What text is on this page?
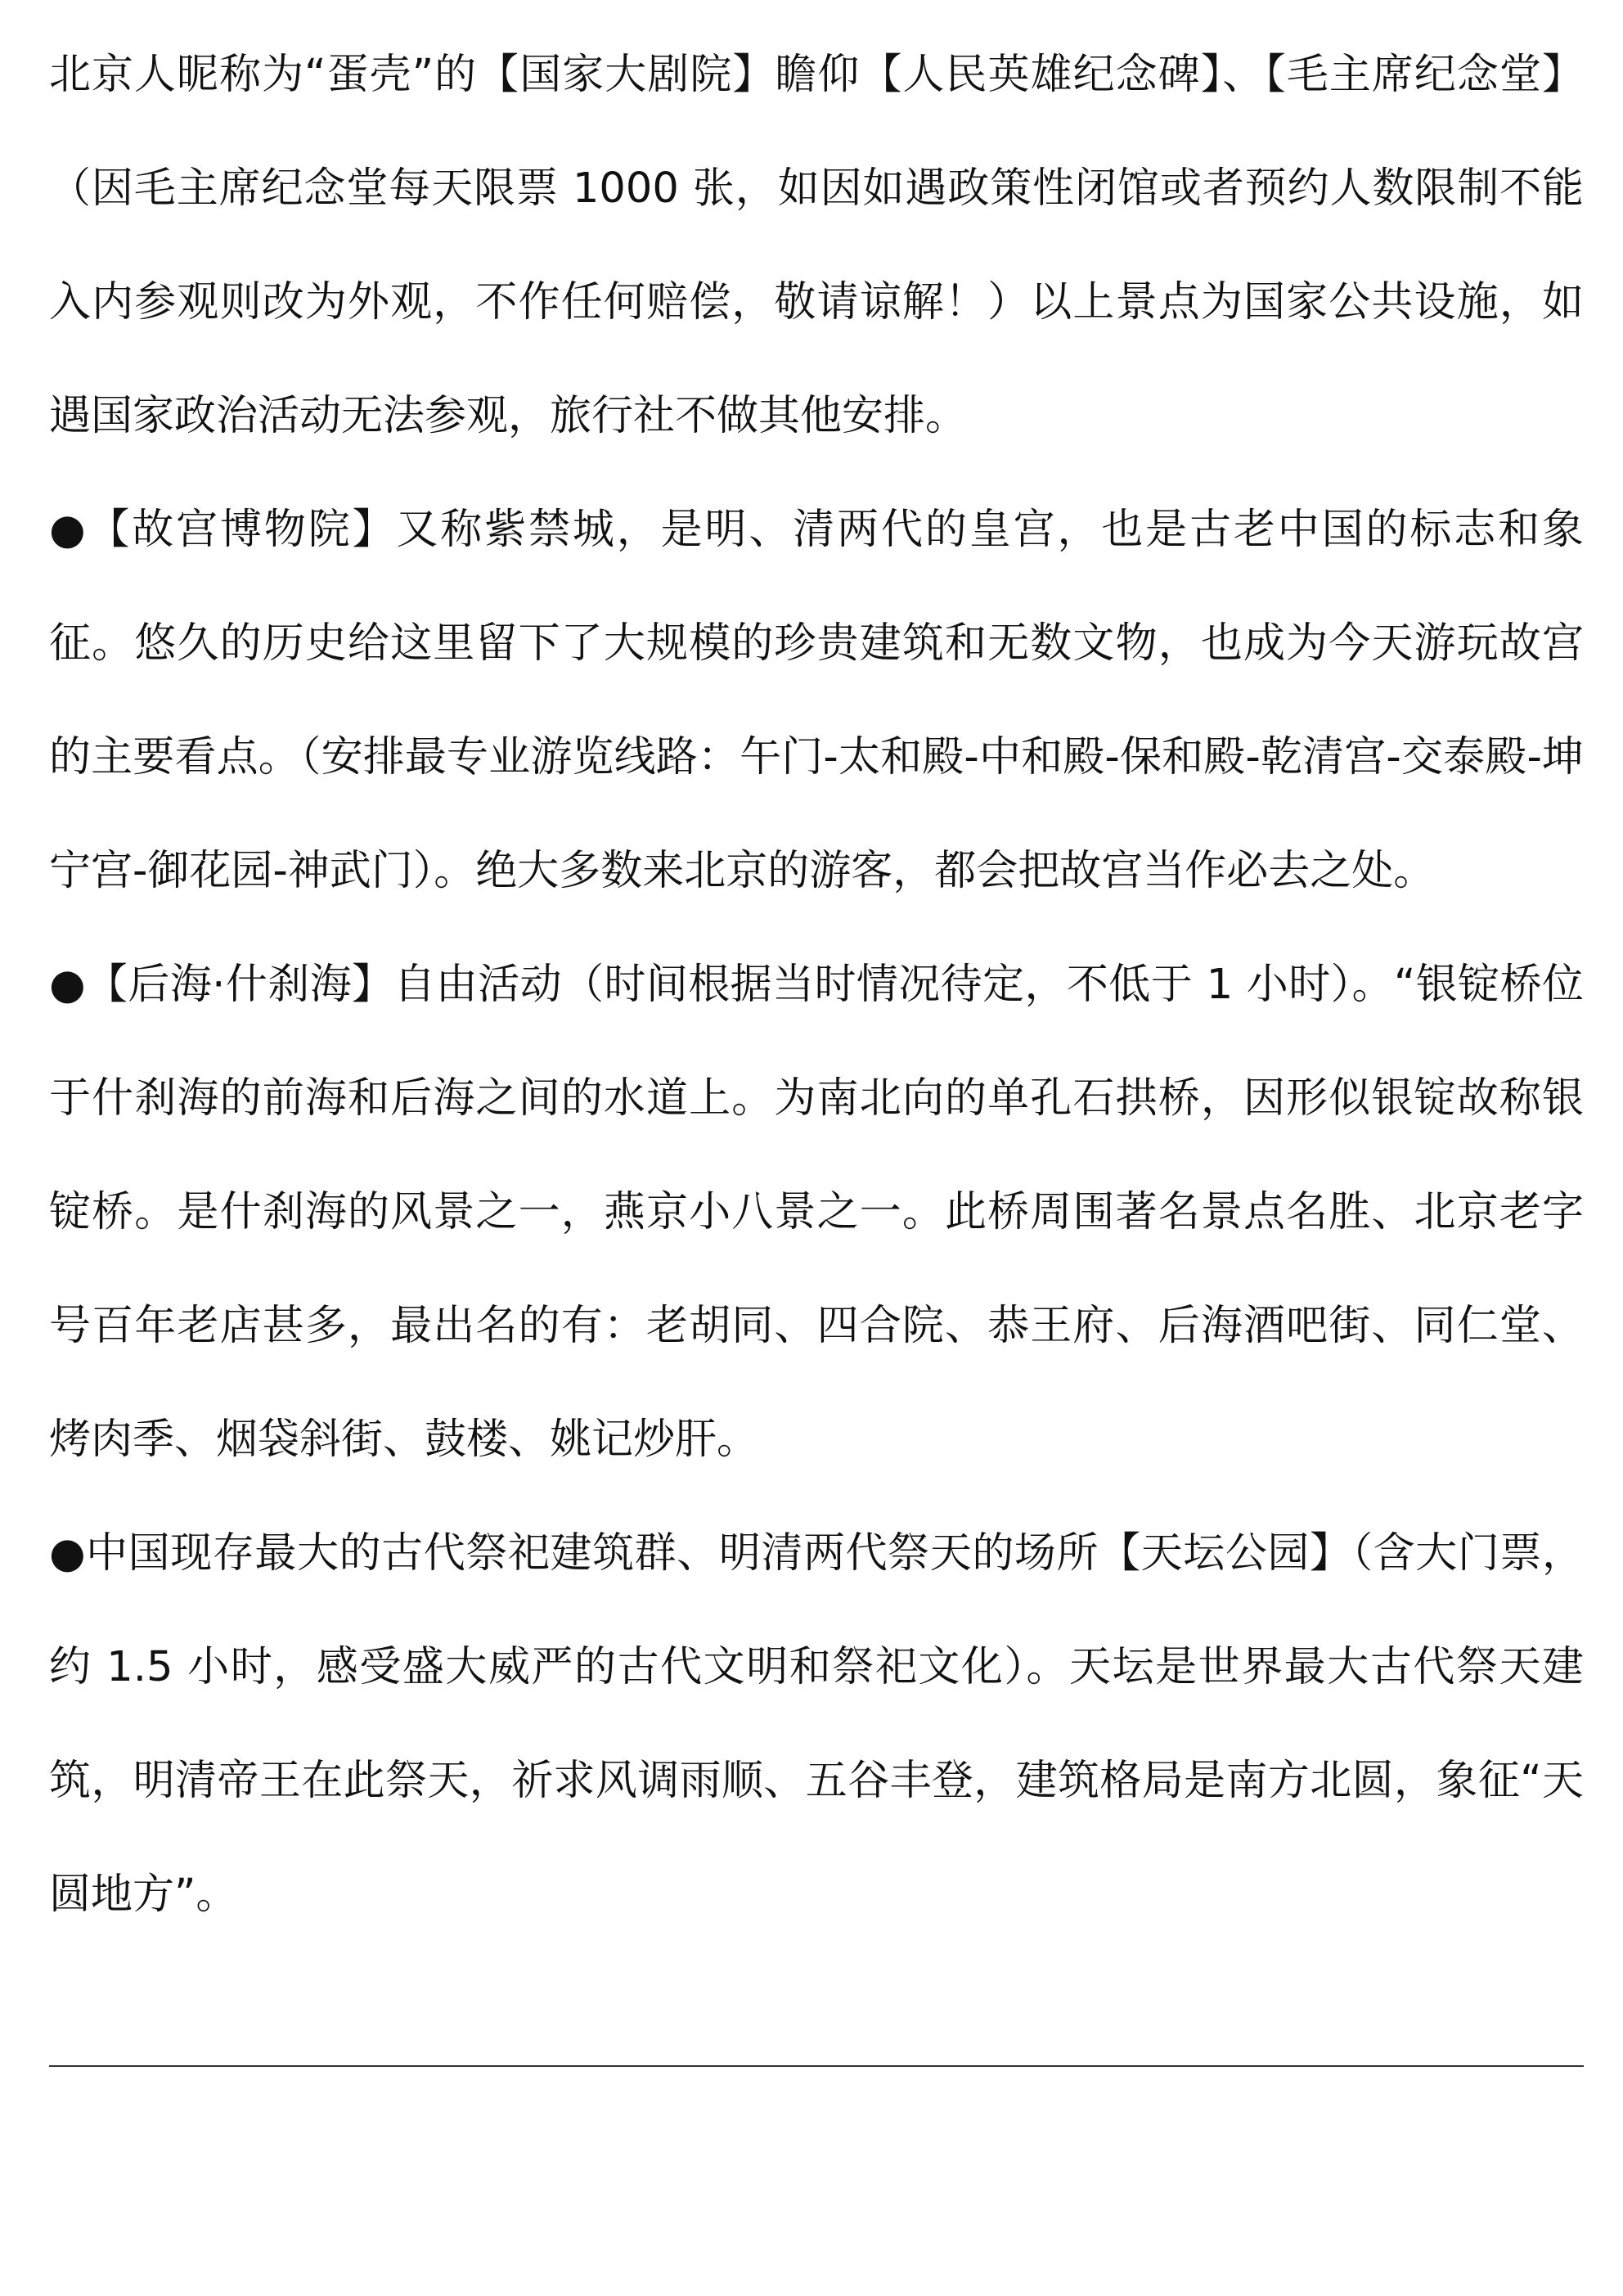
北京人昵称为“蛋壳”的【国家大剧院】瞻仰【人民英雄纪念碑】、【毛主席纪念堂】（因毛主席纪念堂每天限票 1000 张，如因如遇政策性闭馆或者预约人数限制不能入内参观则改为外观，不作任何赔偿，敬请谅解！）以上景点为国家公共设施，如遇国家政治活动无法参观，旅行社不做其他安排。

●【故宫博物院】又称紫禁城，是明、清两代的皇宫，也是古老中国的标志和象征。悠久的历史给这里留下了大规模的珍贵建筑和无数文物，也成为今天游玩故宫的主要看点。（安排最专业游览线路：午门-太和殿-中和殿-保和殿-乾清宫-交泰殿-坤宁宫-御花园-神武门）。绝大多数来北京的游客，都会把故宫当作必去之处。

●【后海·什刹海】自由活动（时间根据当时情况待定，不低于 1 小时）。“银锭桥位于什刹海的前海和后海之间的水道上。为南北向的单孔石拱桥，因形似银锭故称银锭桥。是什刹海的风景之一，燕京小八景之一。此桥周围著名景点名胜、北京老字号百年老店甚多，最出名的有：老胡同、四合院、恭王府、后海酒吧街、同仁堂、烤肉季、烟袋斜街、鼓楼、姚记炒肝。

●中国现存最大的古代祭祀建筑群、明清两代祭天的场所【天坛公园】（含大门票，约 1.5 小时，感受盛大威严的古代文明和祭祀文化）。天坛是世界最大古代祭天建筑，明清帝王在此祭天，祈求风调雨顺、五谷丰登，建筑格局是南方北圆，象征“天圆地方”。
